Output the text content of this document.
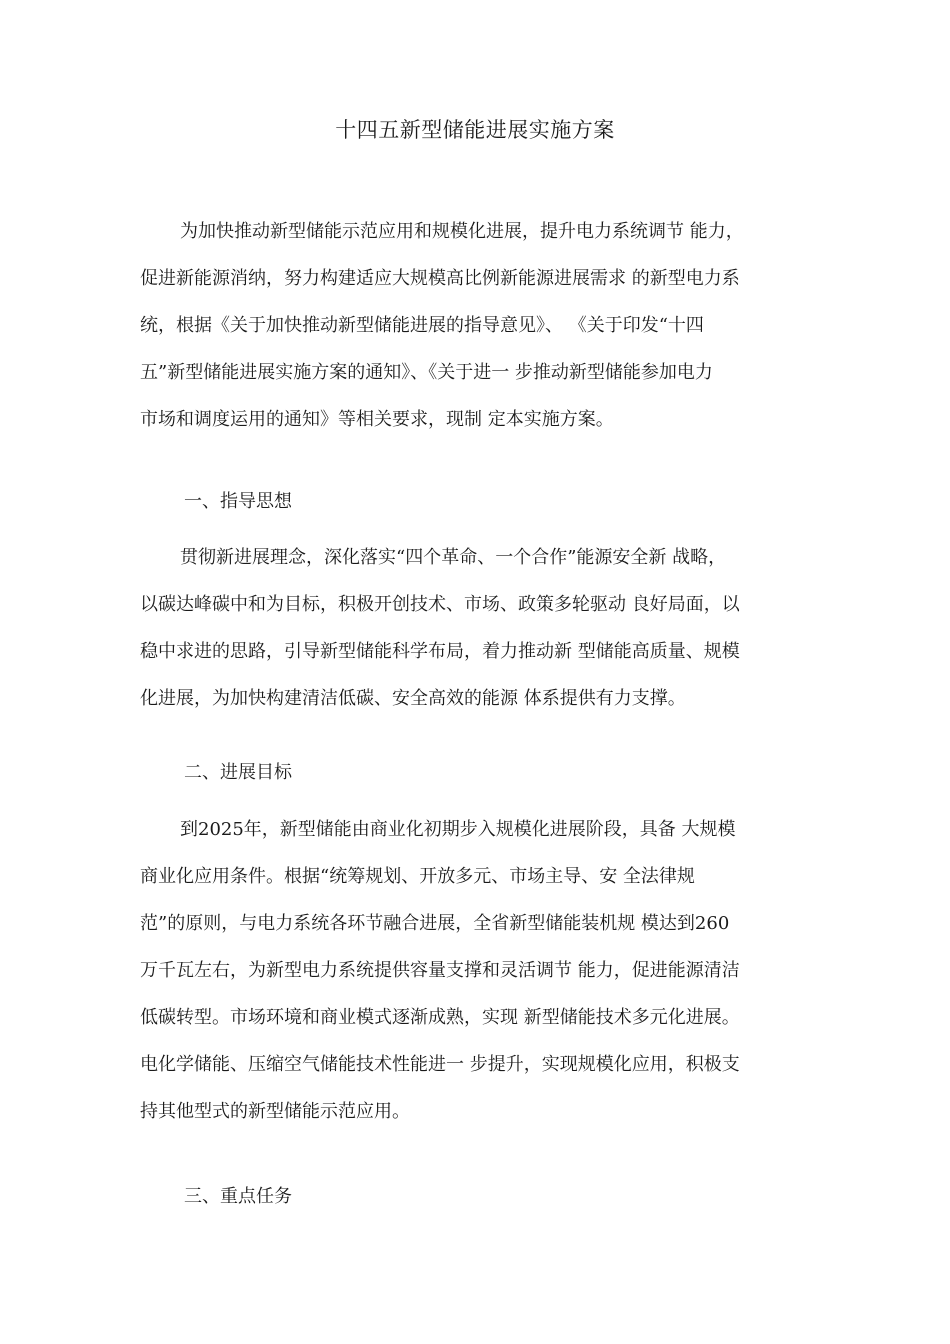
十四五新型储能进展实施方案
为加快推动新型储能示范应用和规模化进展，提升电力系统调节 能力，
促进新能源消纳，努力构建适应大规模高比例新能源进展需求 的新型电力系
统，根据《关于加快推动新型储能进展的指导意见》、 《关于印发“十四
五”新型储能进展实施方案的通知》、《关于进一 步推动新型储能参加电力
市场和调度运用的通知》等相关要求，现制 定本实施方案。
一、指导思想
贯彻新进展理念，深化落实“四个革命、一个合作”能源安全新 战略，
以碳达峰碳中和为目标，积极开创技术、市场、政策多轮驱动 良好局面，以
稳中求进的思路，引导新型储能科学布局，着力推动新 型储能高质量、规模
化进展，为加快构建清洁低碳、安全高效的能源 体系提供有力支撑。
二、进展目标
到2025年，新型储能由商业化初期步入规模化进展阶段，具备 大规模
商业化应用条件。根据“统筹规划、开放多元、市场主导、安 全法律规
范”的原则，与电力系统各环节融合进展，全省新型储能装机规 模达到260
万千瓦左右，为新型电力系统提供容量支撑和灵活调节 能力，促进能源清洁
低碳转型。市场环境和商业模式逐渐成熟，实现 新型储能技术多元化进展。
电化学储能、压缩空气储能技术性能进一 步提升，实现规模化应用，积极支
持其他型式的新型储能示范应用。
三、重点任务
